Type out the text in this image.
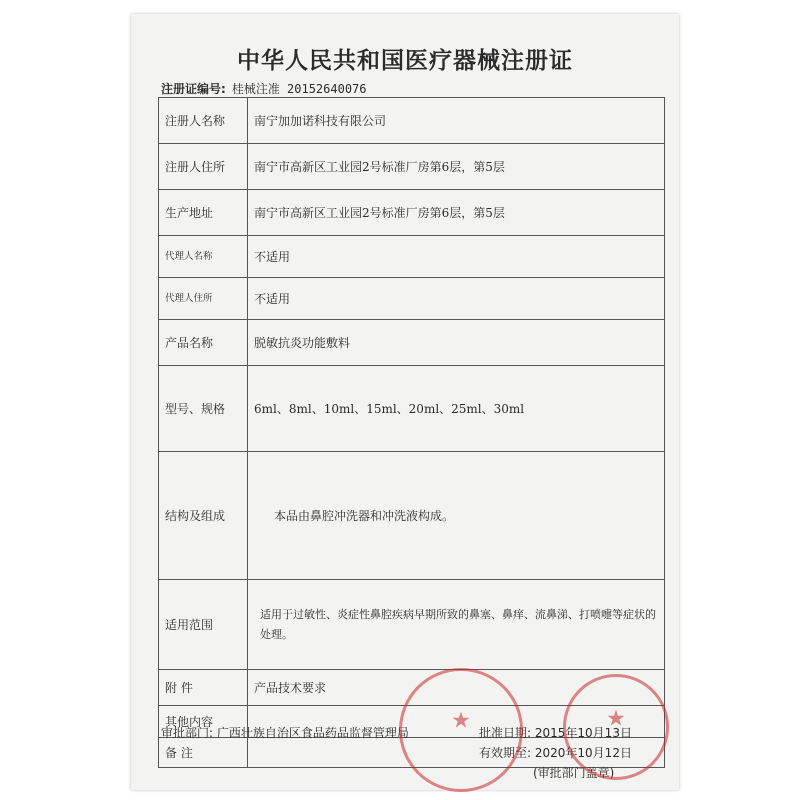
中华人民共和国医疗器械注册证
注册证编号: 桂械注准 20152640076
注册人名称	南宁加加诺科技有限公司
注册人住所	南宁市高新区工业园2号标准厂房第6层，第5层
生产地址	南宁市高新区工业园2号标准厂房第6层，第5层
代理人名称	不适用
代理人住所	不适用
产品名称	脱敏抗炎功能敷料
型号、规格	6ml、8ml、10ml、15ml、20ml、25ml、30ml
结构及组成	本品由鼻腔冲洗器和冲洗液构成。
适用范围	适用于过敏性、炎症性鼻腔疾病早期所致的鼻塞、鼻痒、流鼻涕、打喷嚏等症状的处理。
附 件	产品技术要求
其他内容	
备 注	
审批部门: 广西壮族自治区食品药品监督管理局	批准日期: 2015年10月13日
有效期至: 2020年10月12日
(审批部门盖章)
★	★
